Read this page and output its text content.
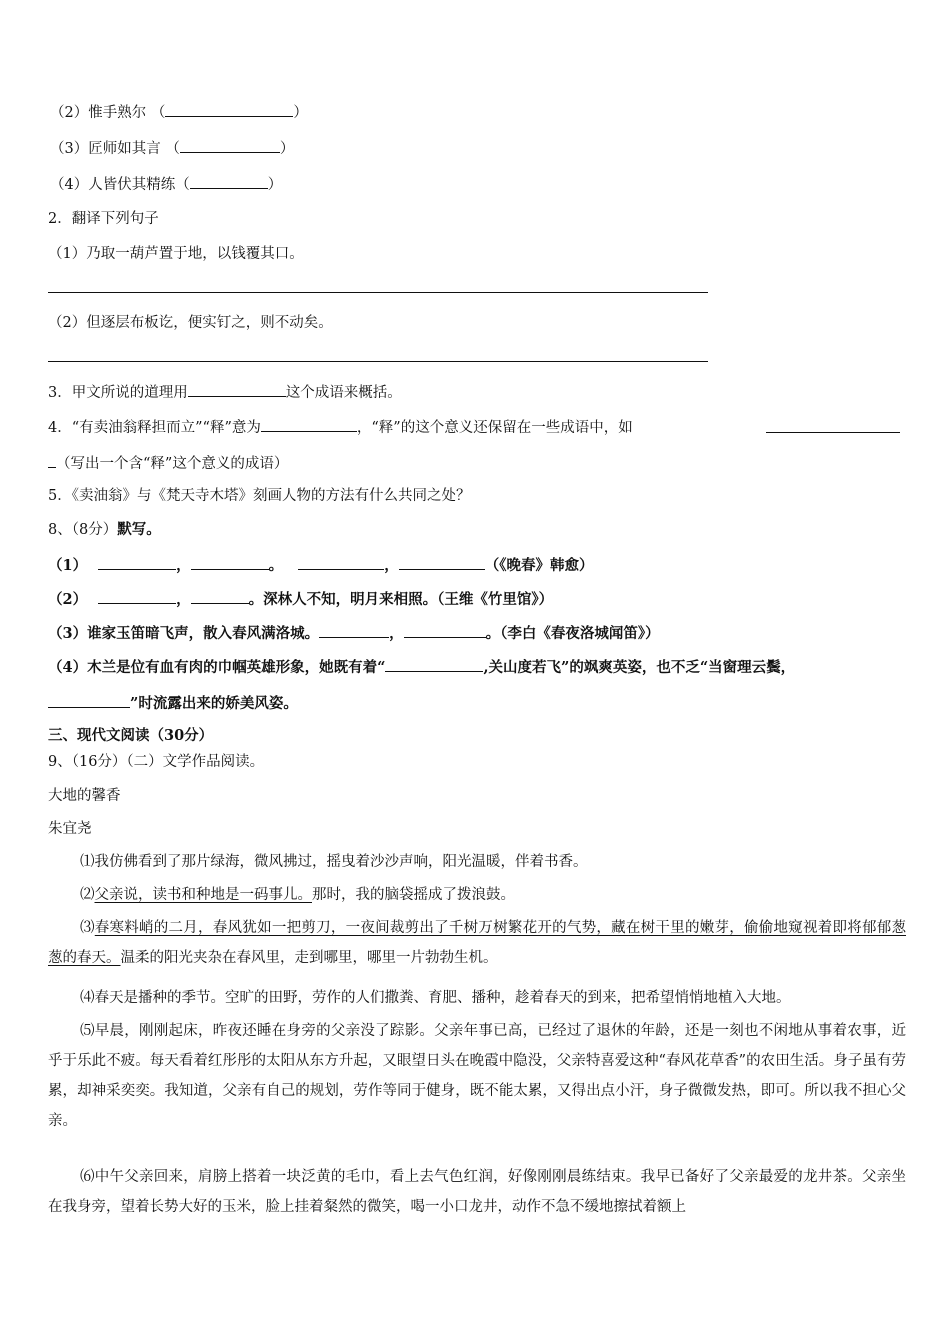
（2）惟手熟尔 （	）
（3）匠师如其言 （	）
（4）人皆伏其精练（	）
2．翻译下列句子
（1）乃取一葫芦置于地，以钱覆其口。
（2）但逐层布板讫，便实钉之，则不动矣。
3．甲文所说的道理用	这个成语来概括。
4．“有卖油翁释担而立”“释”意为	，“释”的这个意义还保留在一些成语中，如
（写出一个含“释”这个意义的成语）
5．《卖油翁》与《梵天寺木塔》刻画人物的方法有什么共同之处？
8、（8分）默写。
（1）	，	。	，	（《晚春》韩愈）
（2）	，	。深林人不知，明月来相照。（王维《竹里馆》）
（3）谁家玉笛暗飞声，散入春风满洛城。	，	。（李白《春夜洛城闻笛》）
（4）木兰是位有血有肉的巾帼英雄形象，她既有着“	,关山度若飞”的飒爽英姿，也不乏“当窗理云鬓，
”时流露出来的娇美风姿。
三、现代文阅读（30分）
9、（16分）（二）文学作品阅读。
大地的馨香
朱宜尧
⑴我仿佛看到了那片绿海，微风拂过，摇曳着沙沙声响，阳光温暖，伴着书香。
⑵父亲说，读书和种地是一码事儿。那时，我的脑袋摇成了拨浪鼓。
⑶春寒料峭的二月，春风犹如一把剪刀，一夜间裁剪出了千树万树繁花开的气势，藏在树干里的嫩芽，偷偷地窥视着即将郁郁葱葱的春天。温柔的阳光夹杂在春风里，走到哪里，哪里一片勃勃生机。
⑷春天是播种的季节。空旷的田野，劳作的人们撒粪、育肥、播种，趁着春天的到来，把希望悄悄地植入大地。
⑸早晨，刚刚起床，昨夜还睡在身旁的父亲没了踪影。父亲年事已高，已经过了退休的年龄，还是一刻也不闲地从事着农事，近乎于乐此不疲。每天看着红彤彤的太阳从东方升起，又眼望日头在晚霞中隐没，父亲特喜爱这种“春风花草香”的农田生活。身子虽有劳累，却神采奕奕。我知道，父亲有自己的规划，劳作等同于健身，既不能太累，又得出点小汗，身子微微发热，即可。所以我不担心父亲。
⑹中午父亲回来，肩膀上搭着一块泛黄的毛巾，看上去气色红润，好像刚刚晨练结束。我早已备好了父亲最爱的龙井茶。父亲坐在我身旁，望着长势大好的玉米，脸上挂着粲然的微笑，喝一小口龙井，动作不急不缓地擦拭着额上
